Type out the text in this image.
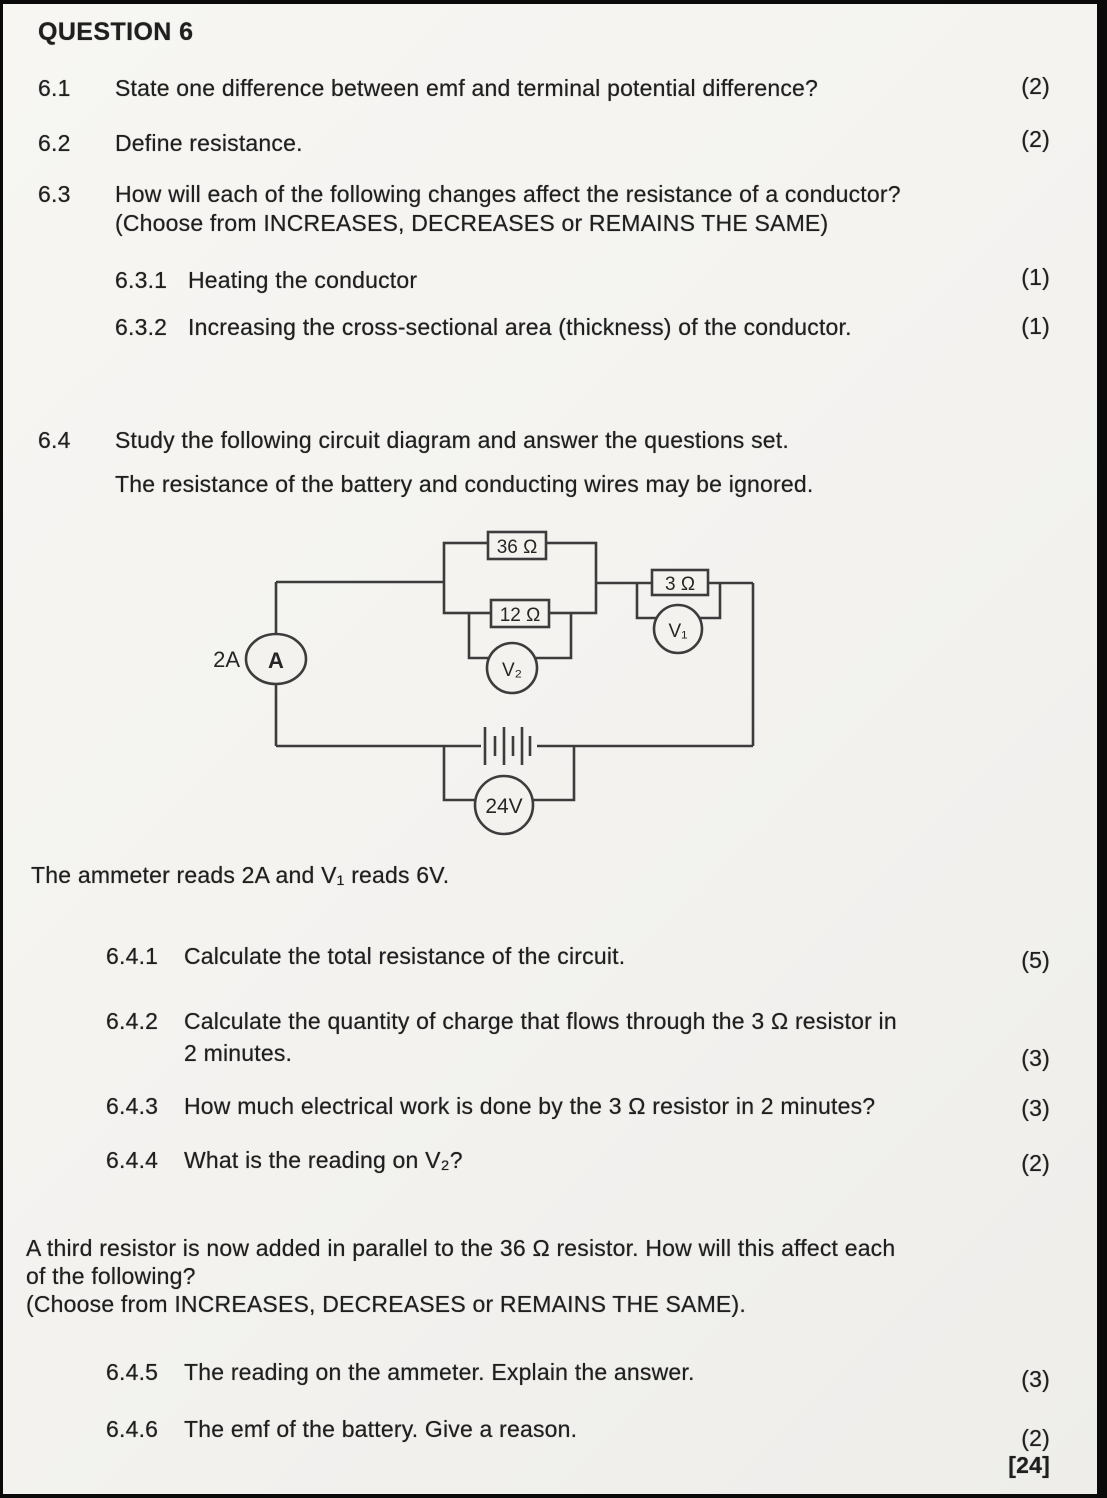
QUESTION 6
6.1 State one difference between emf and terminal potential difference?	(2)
6.2 Define resistance.	(2)
6.3 How will each of the following changes affect the resistance of a conductor?
(Choose from INCREASES, DECREASES or REMAINS THE SAME)
6.3.1 Heating the conductor	(1)
6.3.2 Increasing the cross-sectional area (thickness) of the conductor.	(1)
6.4 Study the following circuit diagram and answer the questions set.
The resistance of the battery and conducting wires may be ignored.
36 Ω
12 Ω
3 Ω
V₁
V₂
24V
A
2A
The ammeter reads 2A and V₁ reads 6V.
6.4.1 Calculate the total resistance of the circuit.	(5)
6.4.2 Calculate the quantity of charge that flows through the 3 Ω resistor in
2 minutes.	(3)
6.4.3 How much electrical work is done by the 3 Ω resistor in 2 minutes?	(3)
6.4.4 What is the reading on V₂?	(2)
A third resistor is now added in parallel to the 36 Ω resistor. How will this affect each
of the following?
(Choose from INCREASES, DECREASES or REMAINS THE SAME).
6.4.5 The reading on the ammeter. Explain the answer.	(3)
6.4.6 The emf of the battery. Give a reason.	(2)
[24]
